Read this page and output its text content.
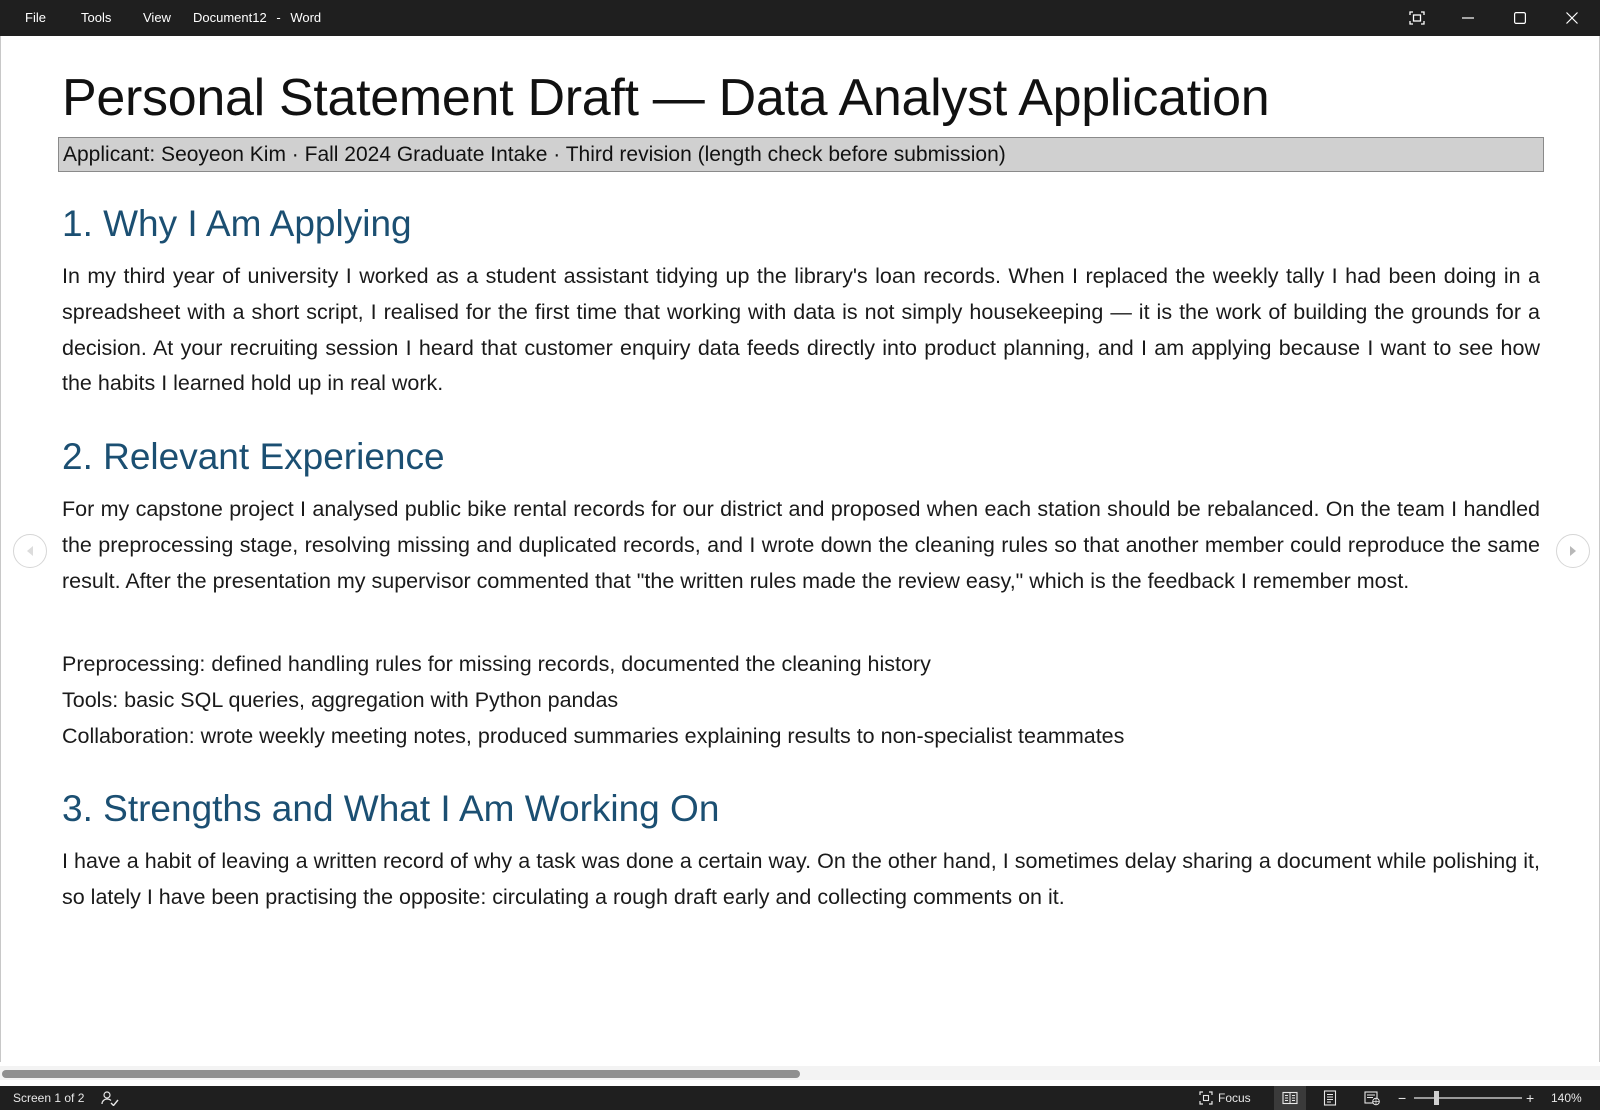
File	Tools View Document12 - Word
Personal Statement Draft — Data Analyst Application
Applicant: Seoyeon Kim · Fall 2024 Graduate Intake · Third revision (length check before submission)
1. Why I Am Applying
In my third year of university I worked as a student assistant tidying up the library's loan records. When I replaced the weekly tally I had been doing in a spreadsheet with a short script, I realised for the first time that working with data is not simply housekeeping — it is the work of building the grounds for a decision. At your recruiting session I heard that customer enquiry data feeds directly into product planning, and I am applying because I want to see how the habits I learned hold up in real work.
2. Relevant Experience
For my capstone project I analysed public bike rental records for our district and proposed when each station should be rebalanced. On the team I handled the preprocessing stage, resolving missing and duplicated records, and I wrote down the cleaning rules so that another member could reproduce the same result. After the presentation my supervisor commented that "the written rules made the review easy," which is the feedback I remember most.
Preprocessing: defined handling rules for missing records, documented the cleaning history
Tools: basic SQL queries, aggregation with Python pandas
Collaboration: wrote weekly meeting notes, produced summaries explaining results to non-specialist teammates
3. Strengths and What I Am Working On
I have a habit of leaving a written record of why a task was done a certain way. On the other hand, I sometimes delay sharing a document while polishing it, so lately I have been practising the opposite: circulating a rough draft early and collecting comments on it.
Screen 1 of 2	Focus	−	+ 140%
